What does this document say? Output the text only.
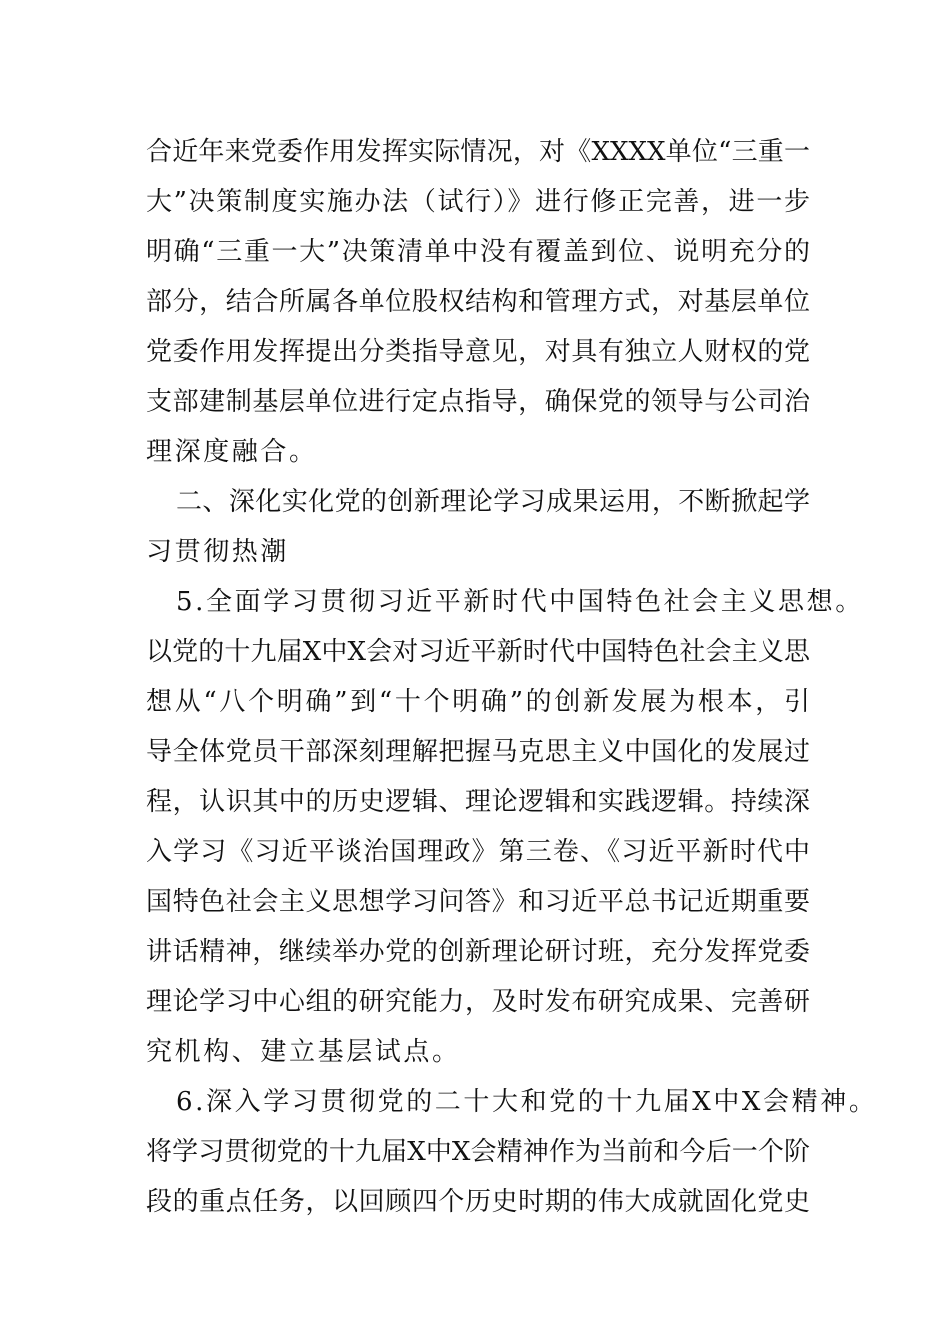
合近年来党委作用发挥实际情况，对《XXXX单位“三重一
大”决策制度实施办法（试行）》进行修正完善，进一步
明确“三重一大”决策清单中没有覆盖到位、说明充分的
部分，结合所属各单位股权结构和管理方式，对基层单位
党委作用发挥提出分类指导意见，对具有独立人财权的党
支部建制基层单位进行定点指导，确保党的领导与公司治
理深度融合。
二、深化实化党的创新理论学习成果运用，不断掀起学
习贯彻热潮
5.全面学习贯彻习近平新时代中国特色社会主义思想。
以党的十九届X中X会对习近平新时代中国特色社会主义思
想从“八个明确”到“十个明确”的创新发展为根本，引
导全体党员干部深刻理解把握马克思主义中国化的发展过
程，认识其中的历史逻辑、理论逻辑和实践逻辑。持续深
入学习《习近平谈治国理政》第三卷、《习近平新时代中
国特色社会主义思想学习问答》和习近平总书记近期重要
讲话精神，继续举办党的创新理论研讨班，充分发挥党委
理论学习中心组的研究能力，及时发布研究成果、完善研
究机构、建立基层试点。
6.深入学习贯彻党的二十大和党的十九届X中X会精神。
将学习贯彻党的十九届X中X会精神作为当前和今后一个阶
段的重点任务，以回顾四个历史时期的伟大成就固化党史
